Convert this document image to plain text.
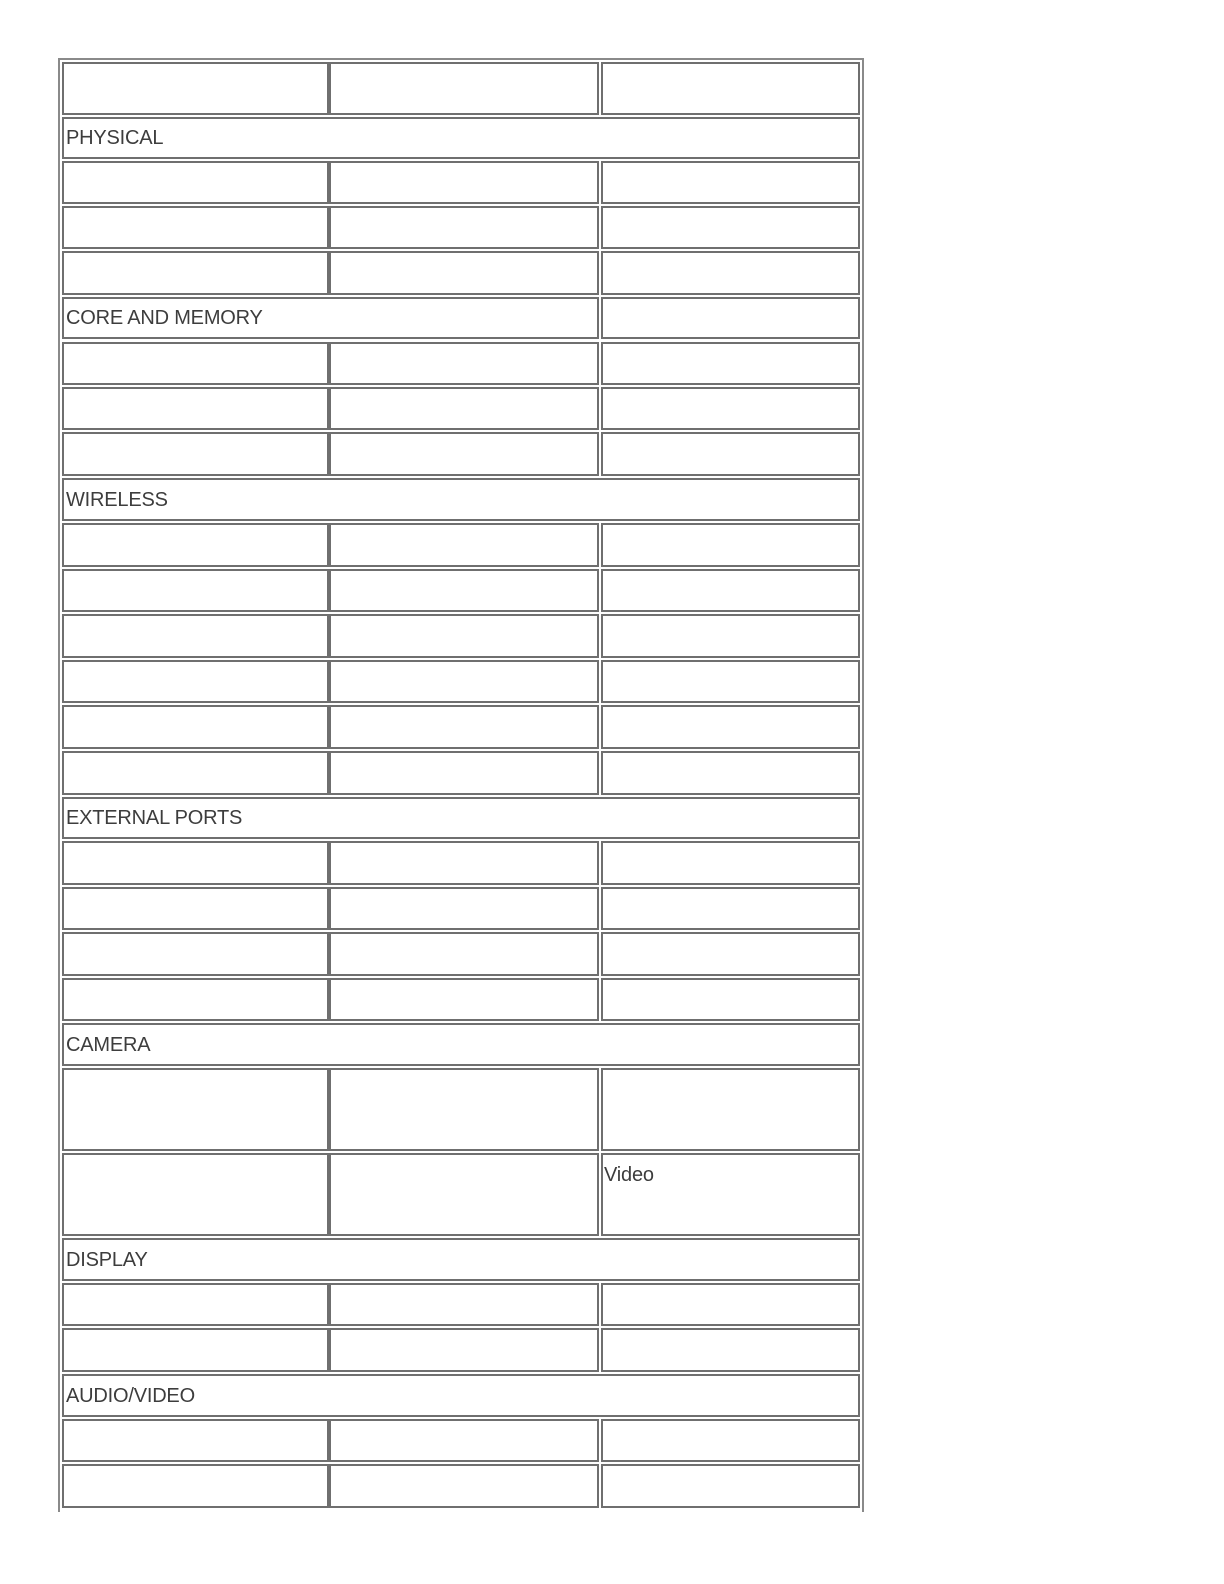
PHYSICAL
CORE AND MEMORY
WIRELESS
EXTERNAL PORTS
CAMERA
Video
DISPLAY
AUDIO/VIDEO
